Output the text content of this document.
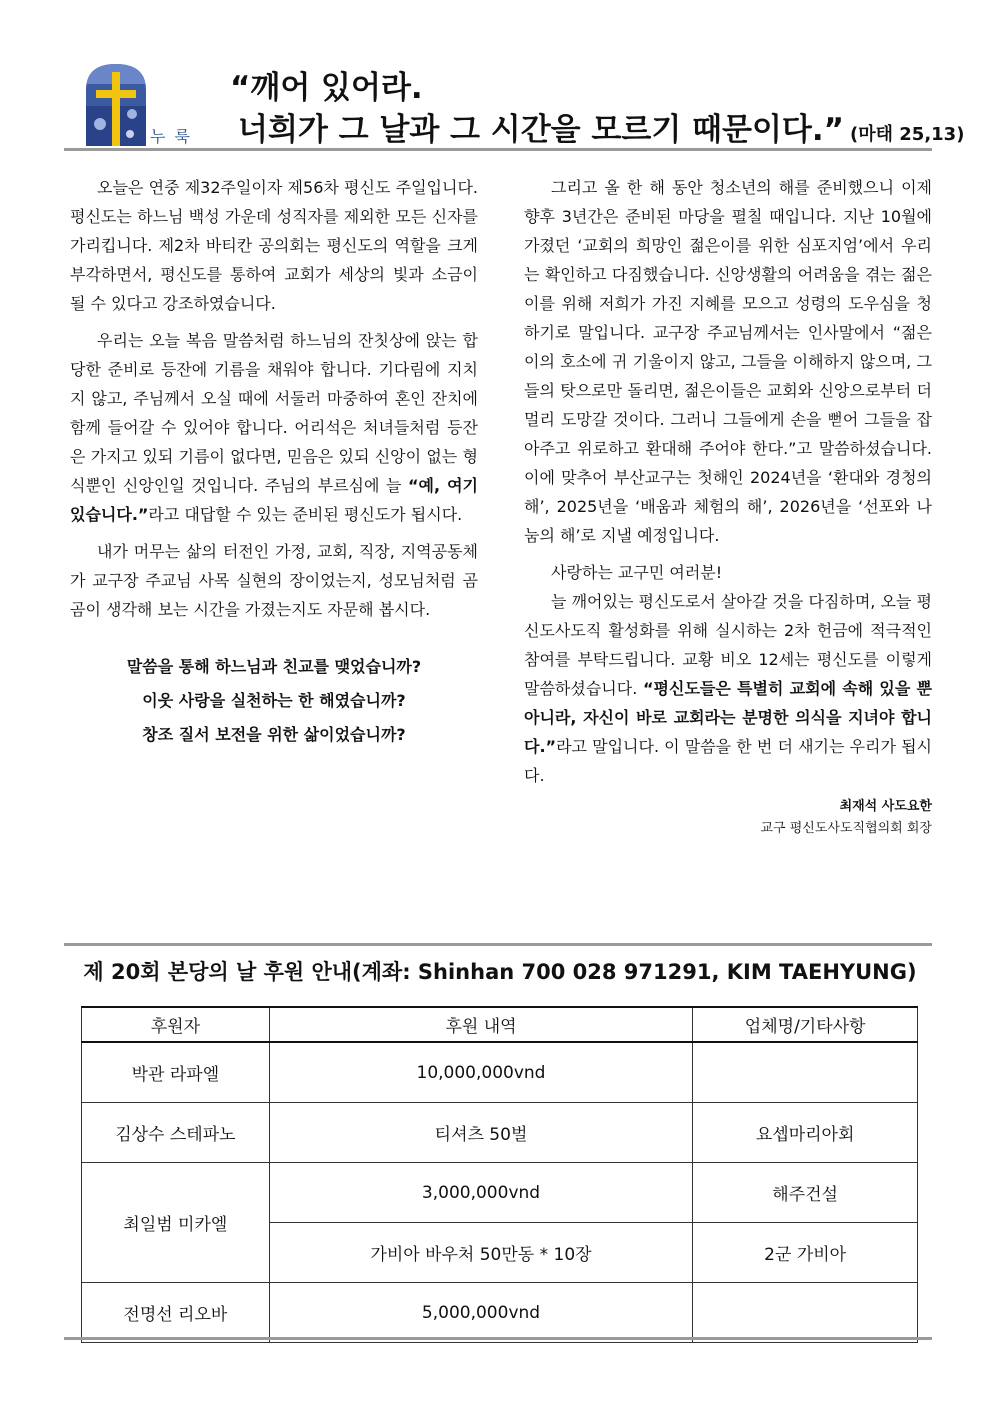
누 룩
“깨어 있어라.
너희가 그 날과 그 시간을 모르기 때문이다.” (마태 25,13)

오늘은 연중 제32주일이자 제56차 평신도 주일입니다. 평신도는 하느님 백성 가운데 성직자를 제외한 모든 신자를 가리킵니다. 제2차 바티칸 공의회는 평신도의 역할을 크게 부각하면서, 평신도를 통하여 교회가 세상의 빛과 소금이 될 수 있다고 강조하였습니다.

우리는 오늘 복음 말씀처럼 하느님의 잔칫상에 앉는 합당한 준비로 등잔에 기름을 채워야 합니다. 기다림에 지치지 않고, 주님께서 오실 때에 서둘러 마중하여 혼인 잔치에 함께 들어갈 수 있어야 합니다. 어리석은 처녀들처럼 등잔은 가지고 있되 기름이 없다면, 믿음은 있되 신앙이 없는 형식뿐인 신앙인일 것입니다. 주님의 부르심에 늘 “예, 여기 있습니다.”라고 대답할 수 있는 준비된 평신도가 됩시다.

내가 머무는 삶의 터전인 가정, 교회, 직장, 지역공동체가 교구장 주교님 사목 실현의 장이었는지, 성모님처럼 곰곰이 생각해 보는 시간을 가졌는지도 자문해 봅시다.

말씀을 통해 하느님과 친교를 맺었습니까?
이웃 사랑을 실천하는 한 해였습니까?
창조 질서 보전을 위한 삶이었습니까?

그리고 올 한 해 동안 청소년의 해를 준비했으니 이제 향후 3년간은 준비된 마당을 펼칠 때입니다. 지난 10월에 가졌던 ‘교회의 희망인 젊은이를 위한 심포지엄’에서 우리는 확인하고 다짐했습니다. 신앙생활의 어려움을 겪는 젊은이를 위해 저희가 가진 지혜를 모으고 성령의 도우심을 청하기로 말입니다. 교구장 주교님께서는 인사말에서 “젊은이의 호소에 귀 기울이지 않고, 그들을 이해하지 않으며, 그들의 탓으로만 돌리면, 젊은이들은 교회와 신앙으로부터 더 멀리 도망갈 것이다. 그러니 그들에게 손을 뻗어 그들을 잡아주고 위로하고 환대해 주어야 한다.”고 말씀하셨습니다. 이에 맞추어 부산교구는 첫해인 2024년을 ‘환대와 경청의 해’, 2025년을 ‘배움과 체험의 해’, 2026년을 ‘선포와 나눔의 해’로 지낼 예정입니다.

사랑하는 교구민 여러분!

늘 깨어있는 평신도로서 살아갈 것을 다짐하며, 오늘 평신도사도직 활성화를 위해 실시하는 2차 헌금에 적극적인 참여를 부탁드립니다. 교황 비오 12세는 평신도를 이렇게 말씀하셨습니다. “평신도들은 특별히 교회에 속해 있을 뿐 아니라, 자신이 바로 교회라는 분명한 의식을 지녀야 합니다.”라고 말입니다. 이 말씀을 한 번 더 새기는 우리가 됩시다.

최재석 사도요한
교구 평신도사도직협의회 회장
제 20회 본당의 날 후원 안내(계좌: Shinhan 700 028 971291, KIM TAEHYUNG)
후원자	후원 내역	업체명/기타사항
박관 라파엘	10,000,000vnd	
김상수 스테파노	티셔츠 50벌	요셉마리아회
최일범 미카엘	3,000,000vnd	해주건설
	가비아 바우처 50만동 * 10장	2군 가비아
전명선 리오바	5,000,000vnd	
